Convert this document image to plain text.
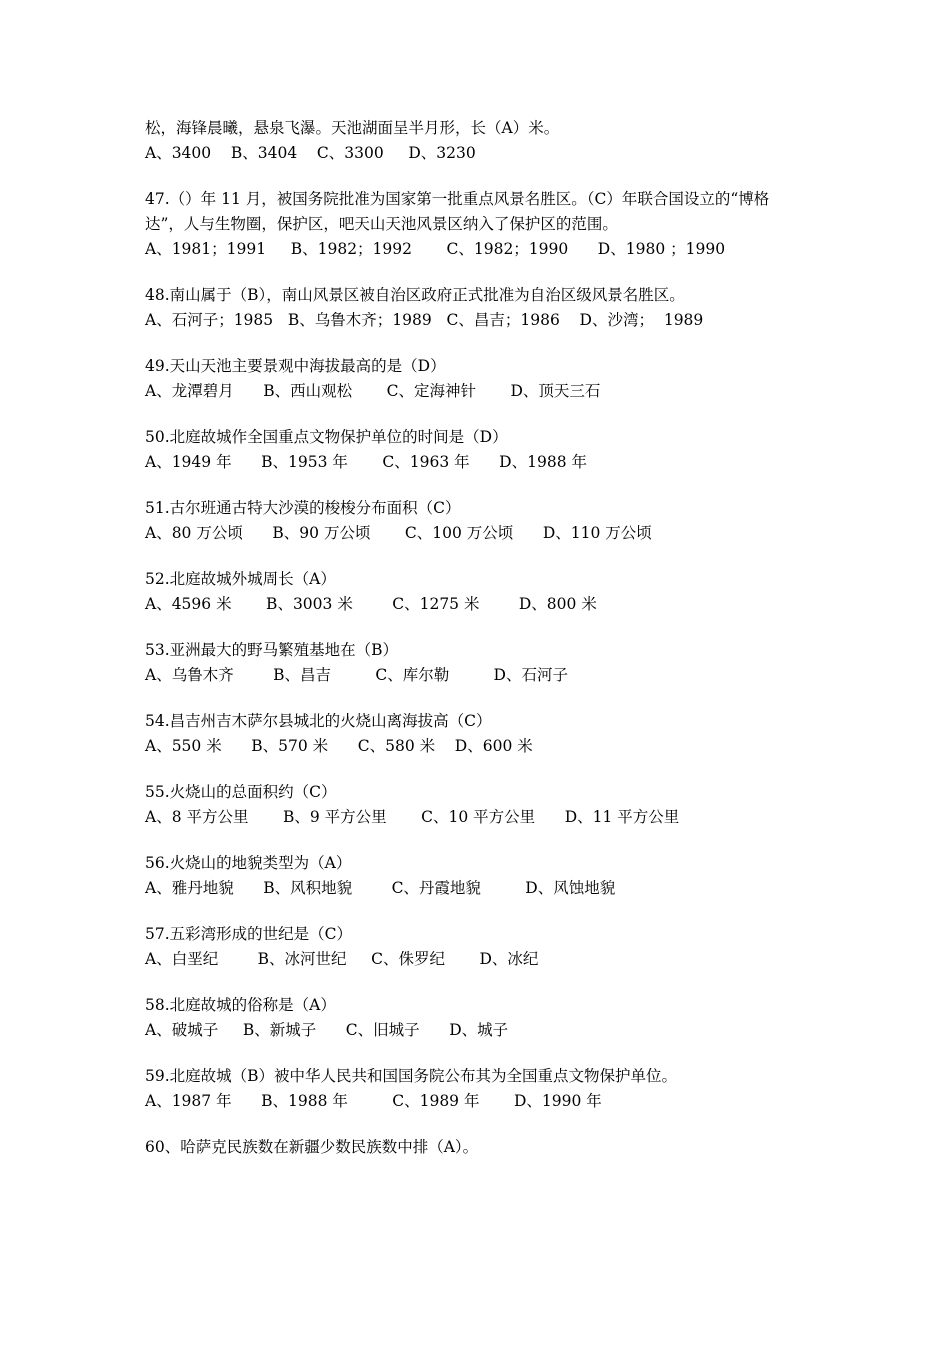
松，海锋晨曦，悬泉飞瀑。天池湖面呈半月形，长（A）米。
A、3400    B、3404    C、3300     D、3230
47.（）年 11 月，被国务院批准为国家第一批重点风景名胜区。（C）年联合国设立的“博格
达”，人与生物圈，保护区，吧天山天池风景区纳入了保护区的范围。
A、1981；1991     B、1982；1992       C、1982；1990      D、1980 ；1990
48.南山属于（B），南山风景区被自治区政府正式批准为自治区级风景名胜区。
A、石河子；1985   B、乌鲁木齐；1989   C、昌吉；1986    D、沙湾；  1989
49.天山天池主要景观中海拔最高的是（D）
A、龙潭碧月      B、西山观松       C、定海神针       D、顶天三石
50.北庭故城作全国重点文物保护单位的时间是（D）
A、1949 年      B、1953 年       C、1963 年      D、1988 年
51.古尔班通古特大沙漠的梭梭分布面积（C）
A、80 万公顷      B、90 万公顷       C、100 万公顷      D、110 万公顷
52.北庭故城外城周长（A）
A、4596 米       B、3003 米        C、1275 米        D、800 米
53.亚洲最大的野马繁殖基地在（B）
A、乌鲁木齐        B、昌吉         C、库尔勒         D、石河子
54.昌吉州吉木萨尔县城北的火烧山离海拔高（C）
A、550 米      B、570 米      C、580 米    D、600 米
55.火烧山的总面积约（C）
A、8 平方公里       B、9 平方公里       C、10 平方公里      D、11 平方公里
56.火烧山的地貌类型为（A）
A、雅丹地貌      B、风积地貌        C、丹霞地貌         D、风蚀地貌
57.五彩湾形成的世纪是（C）
A、白垩纪        B、冰河世纪     C、侏罗纪       D、冰纪
58.北庭故城的俗称是（A）
A、破城子     B、新城子      C、旧城子      D、城子
59.北庭故城（B）被中华人民共和国国务院公布其为全国重点文物保护单位。
A、1987 年      B、1988 年         C、1989 年       D、1990 年
60、哈萨克民族数在新疆少数民族数中排（A）。
